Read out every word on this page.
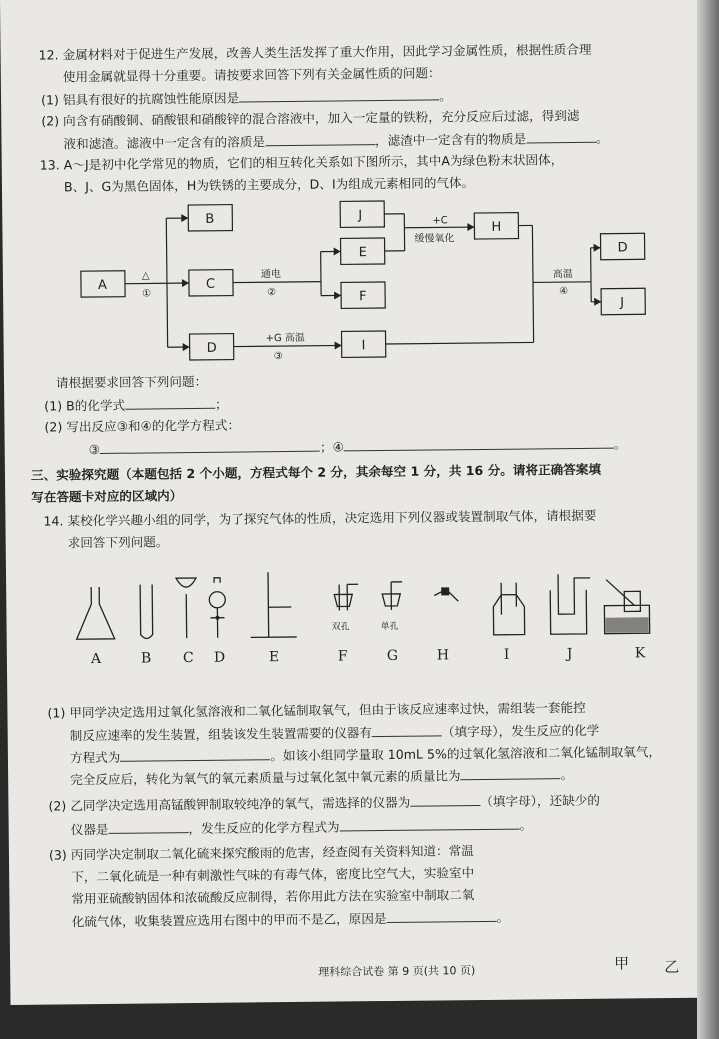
12. 金属材料对于促进生产发展，改善人类生活发挥了重大作用，因此学习金属性质，根据性质合理
使用金属就显得十分重要。请按要求回答下列有关金属性质的问题：
(1) 铝具有很好的抗腐蚀性能原因是	。
(2) 向含有硝酸铜、硝酸银和硝酸锌的混合溶液中，加入一定量的铁粉，充分反应后过滤，得到滤
液和滤渣。滤液中一定含有的溶质是	，滤渣中一定含有的物质是	。
13. A～J是初中化学常见的物质，它们的相互转化关系如下图所示，其中A为绿色粉末状固体，
B、J、G为黑色固体，H为铁锈的主要成分，D、I为组成元素相同的气体。
A
B
C
D
J
E
F
I
H
D
J
△
①
通电
②
+G 高温
③
+C
缓慢氧化
高温
④
请根据要求回答下列问题：
(1) B的化学式	；
(2) 写出反应③和④的化学方程式：
③	；④	。
三、实验探究题（本题包括 2 个小题，方程式每个 2 分，其余每空 1 分，共 16 分。请将正确答案填
写在答题卡对应的区域内）
14. 某校化学兴趣小组的同学，为了探究气体的性质，决定选用下列仪器或装置制取气体，请根据要
求回答下列问题。
双孔	单孔
A	B C D	E	F	G	H	I	J	K
(1) 甲同学决定选用过氧化氢溶液和二氧化锰制取氧气，但由于该反应速率过快，需组装一套能控
制反应速率的发生装置，组装该发生装置需要的仪器有	（填字母），发生反应的化学
方程式为	。如该小组同学量取 10mL 5%的过氧化氢溶液和二氧化锰制取氧气，
完全反应后，转化为氧气的氧元素质量与过氧化氢中氧元素的质量比为	。
(2) 乙同学决定选用高锰酸钾制取较纯净的氧气，需选择的仪器为	（填字母），还缺少的
仪器是	，发生反应的化学方程式为	。
(3) 丙同学决定制取二氧化硫来探究酸雨的危害，经查阅有关资料知道：常温
下，二氧化硫是一种有刺激性气味的有毒气体，密度比空气大，实验室中
常用亚硫酸钠固体和浓硫酸反应制得，若你用此方法在实验室中制取二氧
化硫气体，收集装置应选用右图中的甲而不是乙，原因是	。
甲 乙
理科综合试卷 第 9 页(共 10 页)
